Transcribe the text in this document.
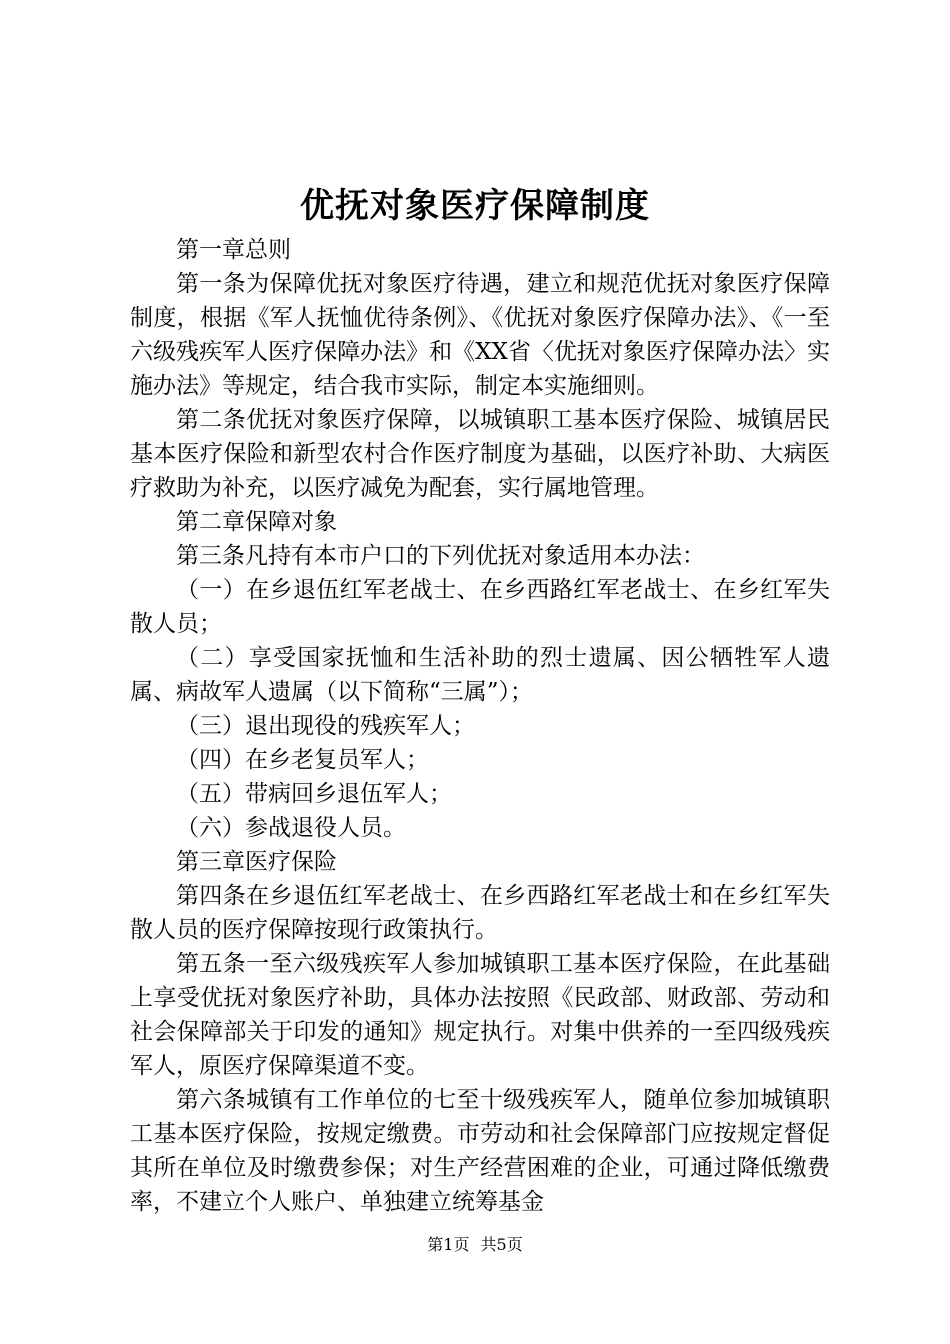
优抚对象医疗保障制度

第一章总则

第一条为保障优抚对象医疗待遇，建立和规范优抚对象医疗保障制度，根据《军人抚恤优待条例》、《优抚对象医疗保障办法》、《一至六级残疾军人医疗保障办法》和《XX省〈优抚对象医疗保障办法〉实施办法》等规定，结合我市实际，制定本实施细则。

第二条优抚对象医疗保障，以城镇职工基本医疗保险、城镇居民基本医疗保险和新型农村合作医疗制度为基础，以医疗补助、大病医疗救助为补充，以医疗减免为配套，实行属地管理。

第二章保障对象

第三条凡持有本市户口的下列优抚对象适用本办法：

（一）在乡退伍红军老战士、在乡西路红军老战士、在乡红军失散人员；

（二）享受国家抚恤和生活补助的烈士遗属、因公牺牲军人遗属、病故军人遗属（以下简称“三属”）；

（三）退出现役的残疾军人；

（四）在乡老复员军人；

（五）带病回乡退伍军人；

（六）参战退役人员。

第三章医疗保险

第四条在乡退伍红军老战士、在乡西路红军老战士和在乡红军失散人员的医疗保障按现行政策执行。

第五条一至六级残疾军人参加城镇职工基本医疗保险，在此基础上享受优抚对象医疗补助，具体办法按照《民政部、财政部、劳动和社会保障部关于印发的通知》规定执行。对集中供养的一至四级残疾军人，原医疗保障渠道不变。

第六条城镇有工作单位的七至十级残疾军人，随单位参加城镇职工基本医疗保险，按规定缴费。市劳动和社会保障部门应按规定督促其所在单位及时缴费参保；对生产经营困难的企业，可通过降低缴费率，不建立个人账户、单独建立统筹基金

第1页 共5页
